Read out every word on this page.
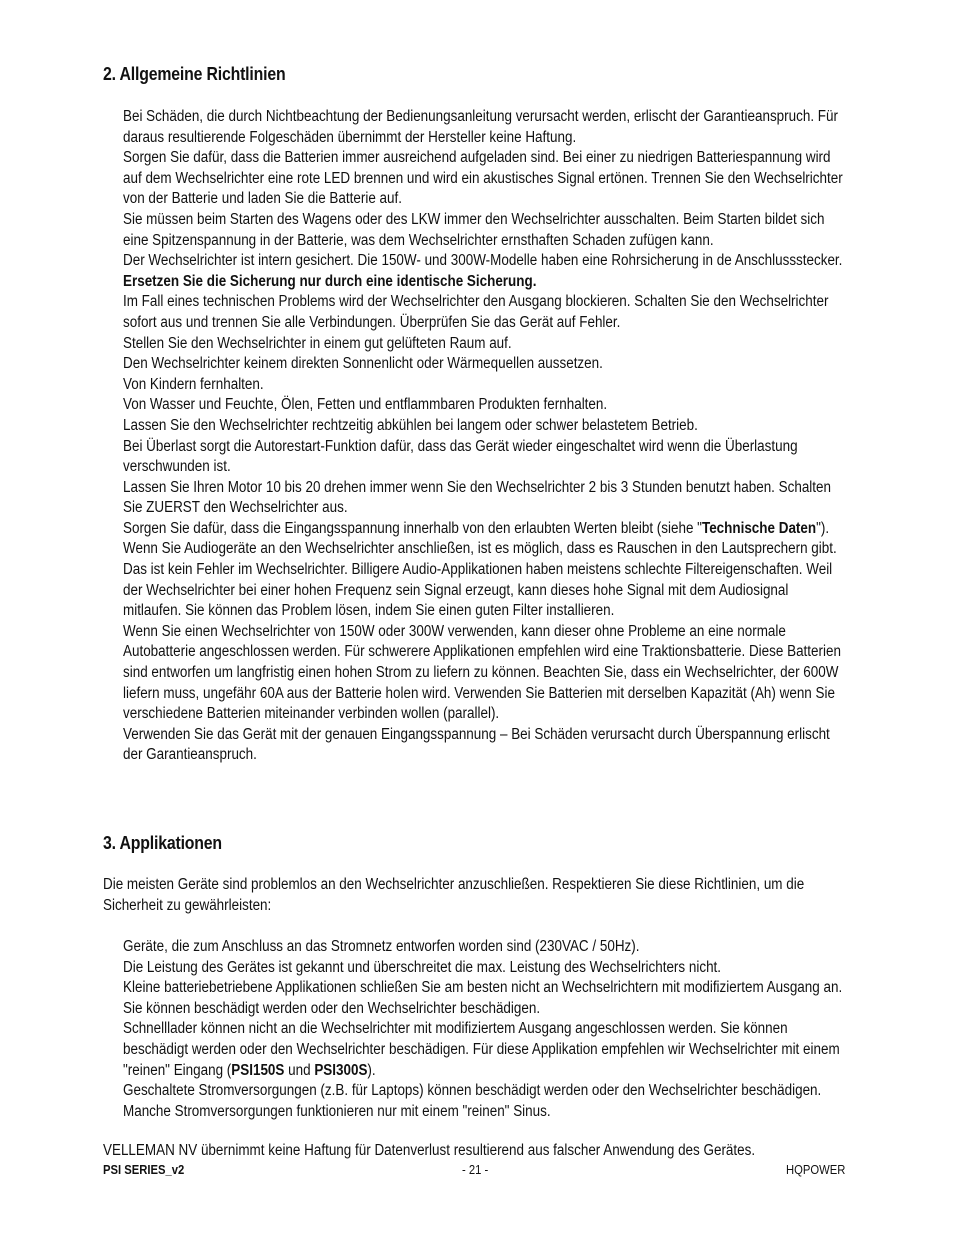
2. Allgemeine Richtlinien
Bei Schäden, die durch Nichtbeachtung der Bedienungsanleitung verursacht werden, erlischt der Garantieanspruch. Für daraus resultierende Folgeschäden übernimmt der Hersteller keine Haftung.
Sorgen Sie dafür, dass die Batterien immer ausreichend aufgeladen sind. Bei einer zu niedrigen Batteriespannung wird auf dem Wechselrichter eine rote LED brennen und wird ein akustisches Signal ertönen. Trennen Sie den Wechselrichter von der Batterie und laden Sie die Batterie auf.
Sie müssen beim Starten des Wagens oder des LKW immer den Wechselrichter ausschalten. Beim Starten bildet sich eine Spitzenspannung in der Batterie, was dem Wechselrichter ernsthaften Schaden zufügen kann.
Der Wechselrichter ist intern gesichert. Die 150W- und 300W-Modelle haben eine Rohrsicherung in de Anschlussstecker. Ersetzen Sie die Sicherung nur durch eine identische Sicherung.
Im Fall eines technischen Problems wird der Wechselrichter den Ausgang blockieren. Schalten Sie den Wechselrichter sofort aus und trennen Sie alle Verbindungen. Überprüfen Sie das Gerät auf Fehler.
Stellen Sie den Wechselrichter in einem gut gelüfteten Raum auf.
Den Wechselrichter keinem direkten Sonnenlicht oder Wärmequellen aussetzen.
Von Kindern fernhalten.
Von Wasser und Feuchte, Ölen, Fetten und entflammbaren Produkten fernhalten.
Lassen Sie den Wechselrichter rechtzeitig abkühlen bei langem oder schwer belastetem Betrieb.
Bei Überlast sorgt die Autorestart-Funktion dafür, dass das Gerät wieder eingeschaltet wird wenn die Überlastung verschwunden ist.
Lassen Sie Ihren Motor 10 bis 20 drehen immer wenn Sie den Wechselrichter 2 bis 3 Stunden benutzt haben. Schalten Sie ZUERST den Wechselrichter aus.
Sorgen Sie dafür, dass die Eingangsspannung innerhalb von den erlaubten Werten bleibt (siehe "Technische Daten").
Wenn Sie Audiogeräte an den Wechselrichter anschließen, ist es möglich, dass es Rauschen in den Lautsprechern gibt. Das ist kein Fehler im Wechselrichter. Billigere Audio-Applikationen haben meistens schlechte Filtereigenschaften. Weil der Wechselrichter bei einer hohen Frequenz sein Signal erzeugt, kann dieses hohe Signal mit dem Audiosignal mitlaufen. Sie können das Problem lösen, indem Sie einen guten Filter installieren.
Wenn Sie einen Wechselrichter von 150W oder 300W verwenden, kann dieser ohne Probleme an eine normale Autobatterie angeschlossen werden. Für schwerere Applikationen empfehlen wird eine Traktionsbatterie. Diese Batterien sind entworfen um langfristig einen hohen Strom zu liefern zu können. Beachten Sie, dass ein Wechselrichter, der 600W liefern muss, ungefähr 60A aus der Batterie holen wird. Verwenden Sie Batterien mit derselben Kapazität (Ah) wenn Sie verschiedene Batterien miteinander verbinden wollen (parallel).
Verwenden Sie das Gerät mit der genauen Eingangsspannung – Bei Schäden verursacht durch Überspannung erlischt der Garantieanspruch.
3. Applikationen

Die meisten Geräte sind problemlos an den Wechselrichter anzuschließen. Respektieren Sie diese Richtlinien, um die Sicherheit zu gewährleisten:

Geräte, die zum Anschluss an das Stromnetz entworfen worden sind (230VAC / 50Hz).
Die Leistung des Gerätes ist gekannt und überschreitet die max. Leistung des Wechselrichters nicht.
Kleine batteriebetriebene Applikationen schließen Sie am besten nicht an Wechselrichtern mit modifiziertem Ausgang an. Sie können beschädigt werden oder den Wechselrichter beschädigen.
Schnelllader können nicht an die Wechselrichter mit modifiziertem Ausgang angeschlossen werden. Sie können beschädigt werden oder den Wechselrichter beschädigen. Für diese Applikation empfehlen wir Wechselrichter mit einem "reinen" Eingang (PSI150S und PSI300S).
Geschaltete Stromversorgungen (z.B. für Laptops) können beschädigt werden oder den Wechselrichter beschädigen. Manche Stromversorgungen funktionieren nur mit einem "reinen" Sinus.

VELLEMAN NV übernimmt keine Haftung für Datenverlust resultierend aus falscher Anwendung des Gerätes.

PSI SERIES_v2	- 21 -	HQPOWER
